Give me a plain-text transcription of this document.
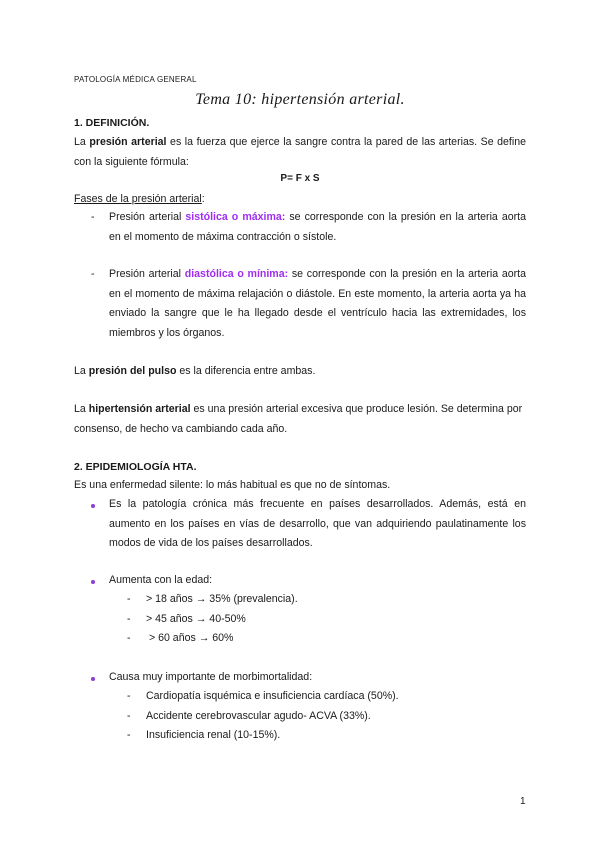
PATOLOGÍA MÉDICA GENERAL
Tema 10: hipertensión arterial.
1. DEFINICIÓN.
La presión arterial es la fuerza que ejerce la sangre contra la pared de las arterias. Se define con la siguiente fórmula:
P= F x S
Fases de la presión arterial:
- Presión arterial sistólica o máxima: se corresponde con la presión en la arteria aorta en el momento de máxima contracción o sístole.
- Presión arterial diastólica o mínima: se corresponde con la presión en la arteria aorta en el momento de máxima relajación o diástole. En este momento, la arteria aorta ya ha enviado la sangre que le ha llegado desde el ventrículo hacia las extremidades, los miembros y los órganos.
La presión del pulso es la diferencia entre ambas.
La hipertensión arterial es una presión arterial excesiva que produce lesión. Se determina por consenso, de hecho va cambiando cada año.
2. EPIDEMIOLOGÍA HTA.
Es una enfermedad silente: lo más habitual es que no de síntomas.
Es la patología crónica más frecuente en países desarrollados. Además, está en aumento en los países en vías de desarrollo, que van adquiriendo paulatinamente los modos de vida de los países desarrollados.
Aumenta con la edad:
- > 18 años → 35% (prevalencia).
- > 45 años → 40-50%
- > 60 años → 60%
Causa muy importante de morbimortalidad:
- Cardiopatía isquémica e insuficiencia cardíaca (50%).
- Accidente cerebrovascular agudo- ACVA (33%).
- Insuficiencia renal (10-15%).
1
